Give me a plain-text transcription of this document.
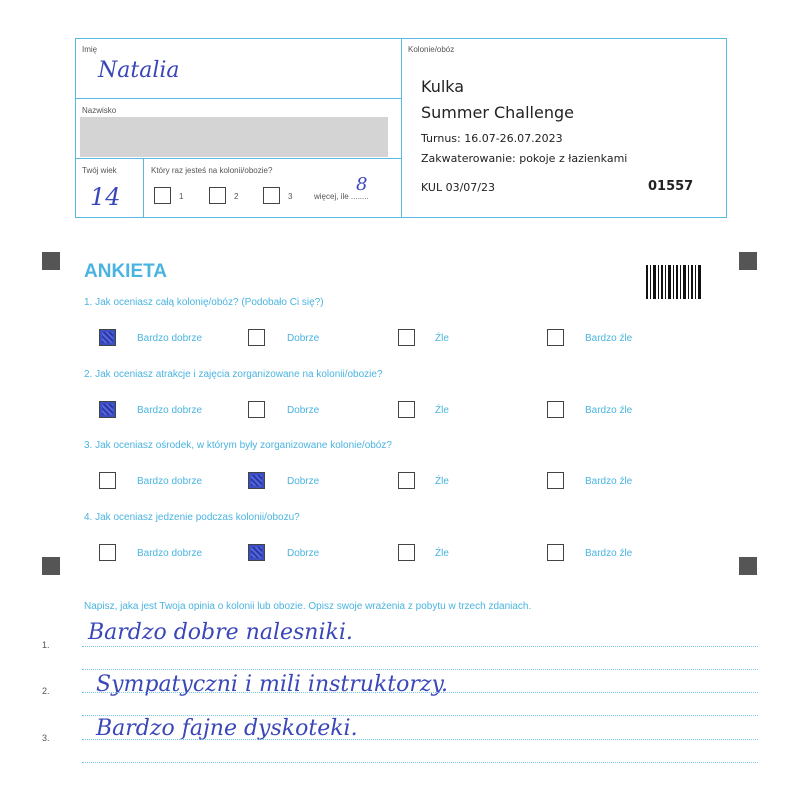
Imię
Natalia
Nazwisko
Twój wiek
14
Który raz jesteś na kolonii/obozie?
1	2	3	więcej, ile ........
8
Kolonie/obóz
Kulka
Summer Challenge
Turnus: 16.07-26.07.2023
Zakwaterowanie: pokoje z łazienkami
KUL 03/07/23	01557
ANKIETA
1. Jak oceniasz całą kolonię/obóz? (Podobało Ci się?)
Bardzo dobrze	Dobrze	Źle	Bardzo źle
2. Jak oceniasz atrakcje i zajęcia zorganizowane na kolonii/obozie?
Bardzo dobrze	Dobrze	Źle	Bardzo źle
3. Jak oceniasz ośrodek, w którym były zorganizowane kolonie/obóz?
Bardzo dobrze	Dobrze	Źle	Bardzo źle
4. Jak oceniasz jedzenie podczas kolonii/obozu?
Bardzo dobrze	Dobrze	Źle	Bardzo źle
Napisz, jaka jest Twoja opinia o kolonii lub obozie. Opisz swoje wrażenia z pobytu w trzech zdaniach.
1. Bardzo dobre nalesniki.
2. Sympatyczni i mili instruktorzy.
3. Bardzo fajne dyskoteki.
